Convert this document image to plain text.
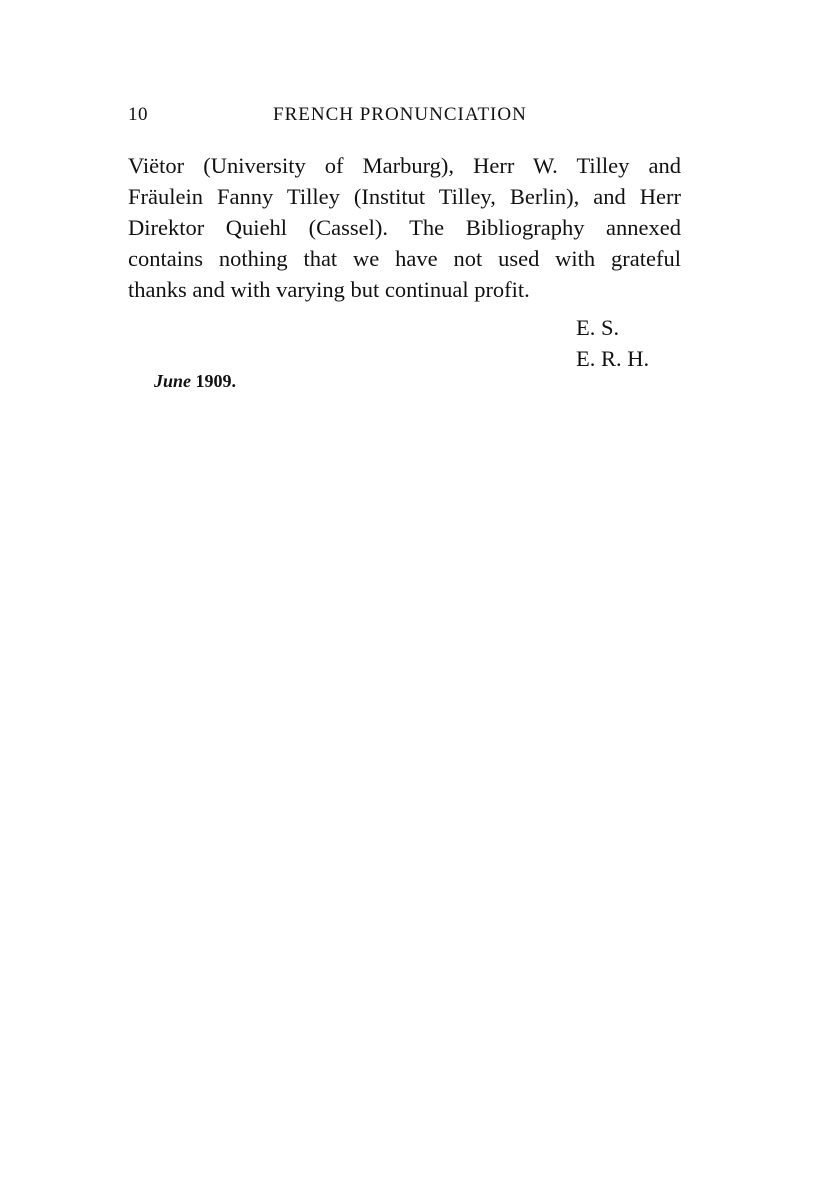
10	FRENCH PRONUNCIATION
Viëtor (University of Marburg), Herr W. Tilley and
Fräulein Fanny Tilley (Institut Tilley, Berlin), and Herr
Direktor Quiehl (Cassel). The Bibliography annexed
contains nothing that we have not used with grateful
thanks and with varying but continual profit.
E. S.
E. R. H.
June 1909.
